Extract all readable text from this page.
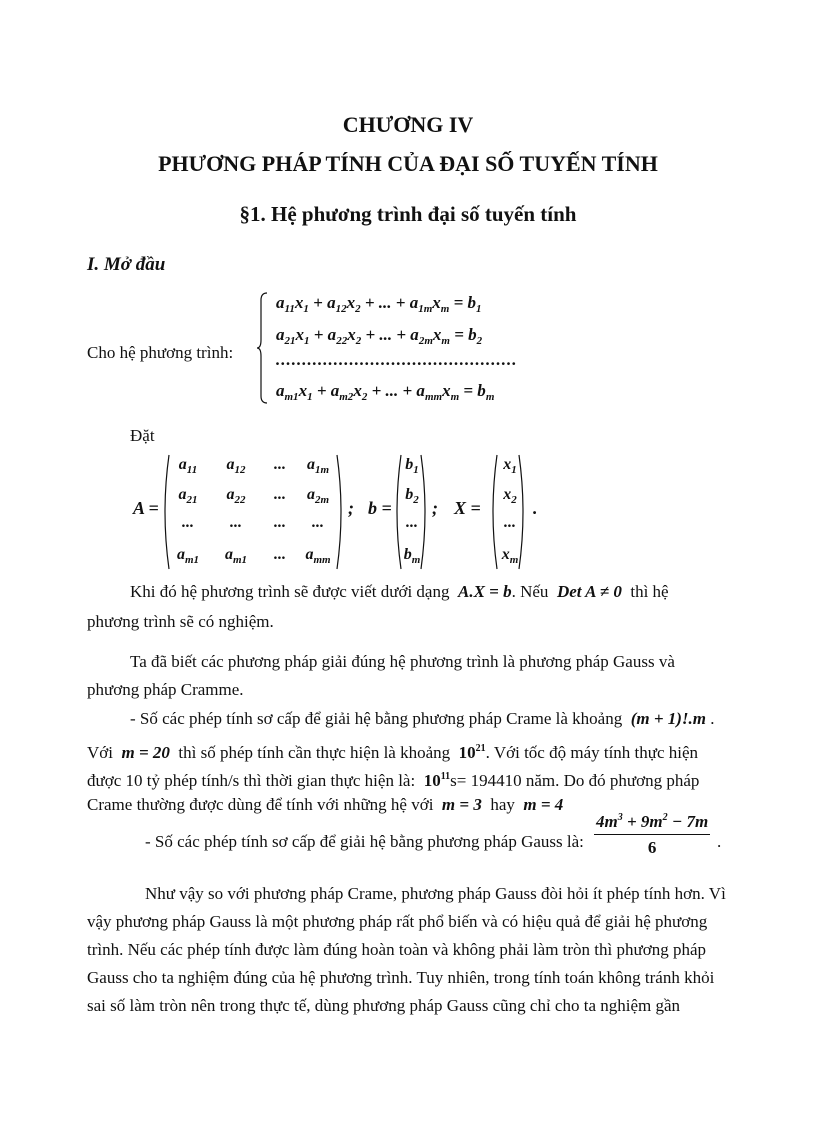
CHƯƠNG IV
PHƯƠNG PHÁP TÍNH CỦA ĐẠI SỐ TUYẾN TÍNH
§1. Hệ phương trình đại số tuyến tính
I. Mở đầu
Cho hệ phương trình:
$a_{11}x_1 + a_{12}x_2$ + ... + $a_{1m}x_m = b_1$
$a_{21}x_1 + a_{22}x_2$ + ... + $a_{2m}x_m = b_2$
..............................................
$a_{m1}x_1 + a_{m2}x_2$ + ... + $a_{mm}x_m = b_m$
Đặt
A =
$a_{11}$	$a_{12}$	...	$a_{1m}$
$a_{21}$	$a_{22}$	...	$a_{2m}$
...	...	...	...
$a_{m1}$	$a_{m1}$	...	$a_{mm}$
; b =
$b_1$
$b_2$
...
$b_m$
; X =
$x_1$
$x_2$
...
$x_m$
.
Khi đó hệ phương trình sẽ được viết dưới dạng  A.X = b. Nếu  Det A ≠ 0  thì hệ
phương trình sẽ có nghiệm.
Ta đã biết các phương pháp giải đúng hệ phương trình là phương pháp Gauss và
phương pháp Cramme.
- Số các phép tính sơ cấp để giải hệ bằng phương pháp Crame là khoảng  (m + 1)!.m .
Với  m = 20  thì số phép tính cần thực hiện là khoảng  $10^{21}$. Với tốc độ máy tính thực hiện
được 10 tỷ phép tính/s thì thời gian thực hiện là:  $10^{11}s= 194410$ năm. Do đó phương pháp
Crame thường được dùng để tính với những hệ với  m = 3  hay  m = 4
- Số các phép tính sơ cấp để giải hệ bằng phương pháp Gauss là: $\frac{4m^3 + 9m^2 - 7m}{6}$ .
Như vậy so với phương pháp Crame, phương pháp Gauss đòi hỏi ít phép tính hơn. Vì
vậy phương pháp Gauss là một phương pháp rất phổ biến và có hiệu quả để giải hệ phương
trình. Nếu các phép tính được làm đúng hoàn toàn và không phải làm tròn thì phương pháp
Gauss cho ta nghiệm đúng của hệ phương trình. Tuy nhiên, trong tính toán không tránh khỏi
sai số làm tròn nên trong thực tế, dùng phương pháp Gauss cũng chỉ cho ta nghiệm gần
